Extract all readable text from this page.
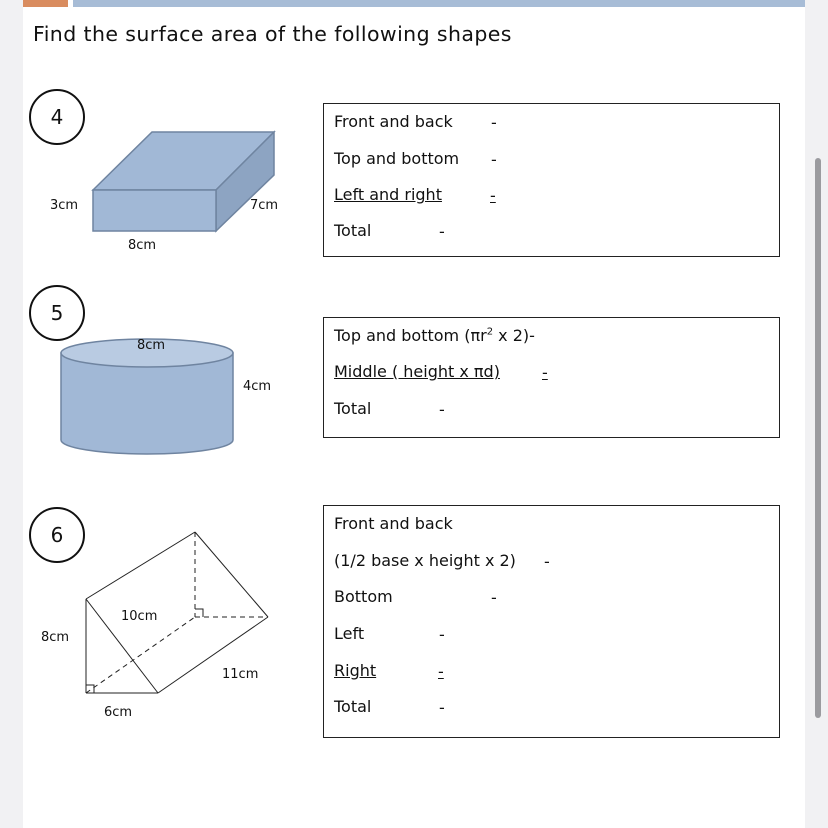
Find the surface area of the following shapes
4
3cm	7cm
8cm
Front and back -
Top and bottom -
Left and right	-
Total	-
5
8cm
4cm
Top and bottom ($\pi r^2$ x 2)-
Middle ( height x πd)	-
Total	-
6
8cm
10cm
11cm
6cm
Front and back
(1/2 base x height x 2) -
Bottom	-
Left	-
Right	-
Total	-
